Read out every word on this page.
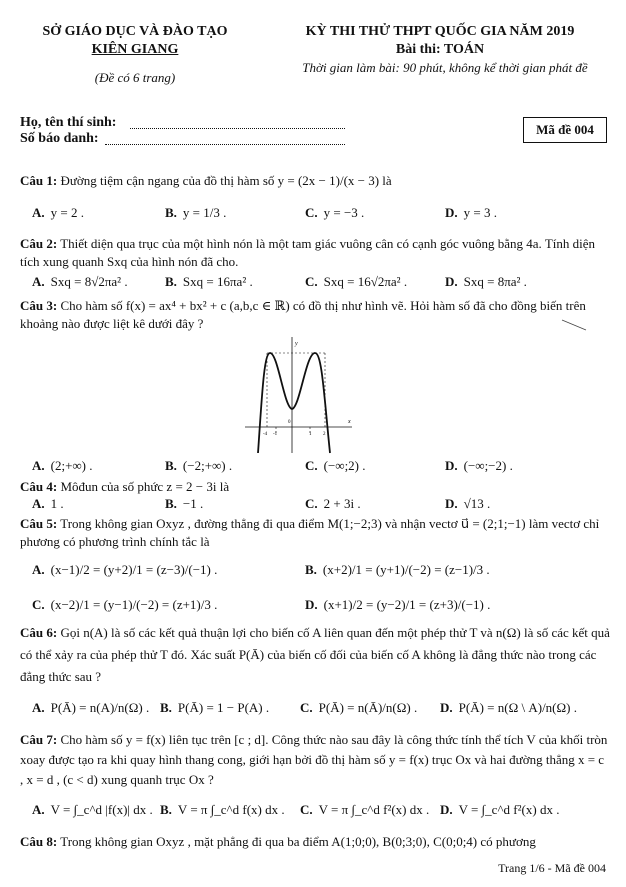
SỞ GIÁO DỤC VÀ ĐÀO TẠO
KIÊN GIANG
(Đề có 6 trang)
KỲ THI THỬ THPT QUỐC GIA NĂM 2019
Bài thi: TOÁN
Thời gian làm bài: 90 phút, không kể thời gian phát đề
Họ, tên thí sinh:
Số báo danh:
Mã đề 004
Câu 1: Đường tiệm cận ngang của đồ thị hàm số y = (2x − 1)/(x − 3) là
A. y = 2 .	B. y = 1/3 .	C. y = −3 .	D. y = 3 .
Câu 2: Thiết diện qua trục của một hình nón là một tam giác vuông cân có cạnh góc vuông bằng 4a. Tính diện tích xung quanh Sxq của hình nón đã cho.
A. Sxq = 8√2πa² .	B. Sxq = 16πa² .	C. Sxq = 16√2πa² .	D. Sxq = 8πa² .
Câu 3: Cho hàm số f(x) = ax⁴ + bx² + c (a,b,c ∈ ℝ) có đồ thị như hình vẽ. Hỏi hàm số đã cho đồng biến trên khoảng nào được liệt kê dưới đây ?
x
y
-4 -1
0
1 2
A. (2;+∞) .	B. (−2;+∞) .	C. (−∞;2) .	D. (−∞;−2) .
Câu 4: Môđun của số phức z = 2 − 3i là
A. 1 .	B. −1 .	C. 2 + 3i .	D. √13 .
Câu 5: Trong không gian Oxyz , đường thẳng đi qua điểm M(1;−2;3) và nhận vectơ u⃗ = (2;1;−1) làm vectơ chỉ phương có phương trình chính tắc là
A. (x−1)/2 = (y+2)/1 = (z−3)/(−1) .	B. (x+2)/1 = (y+1)/(−2) = (z−1)/3 .
C. (x−2)/1 = (y−1)/(−2) = (z+1)/3 .	D. (x+1)/2 = (y−2)/1 = (z+3)/(−1) .
Câu 6: Gọi n(A) là số các kết quả thuận lợi cho biến cố A liên quan đến một phép thử T và n(Ω) là số các kết quả có thể xảy ra của phép thử T đó. Xác suất P(Ā) của biến cố đối của biến cố A không là đẳng thức nào trong các đẳng thức sau ?
A. P(Ā) = n(A)/n(Ω) . B. P(Ā) = 1 − P(A) . C. P(Ā) = n(Ā)/n(Ω) . D. P(Ā) = n(Ω \ A)/n(Ω) .
Câu 7: Cho hàm số y = f(x) liên tục trên [c ; d]. Công thức nào sau đây là công thức tính thể tích V của khối tròn xoay được tạo ra khi quay hình thang cong, giới hạn bởi đồ thị hàm số y = f(x) trục Ox và hai đường thẳng x = c , x = d , (c < d) xung quanh trục Ox ?
A. V = ∫_c^d |f(x)| dx . B. V = π ∫_c^d f(x) dx . C. V = π ∫_c^d f²(x) dx . D. V = ∫_c^d f²(x) dx .
Câu 8: Trong không gian Oxyz , mặt phẳng đi qua ba điểm A(1;0;0), B(0;3;0), C(0;0;4) có phương
Trang 1/6 - Mã đề 004
